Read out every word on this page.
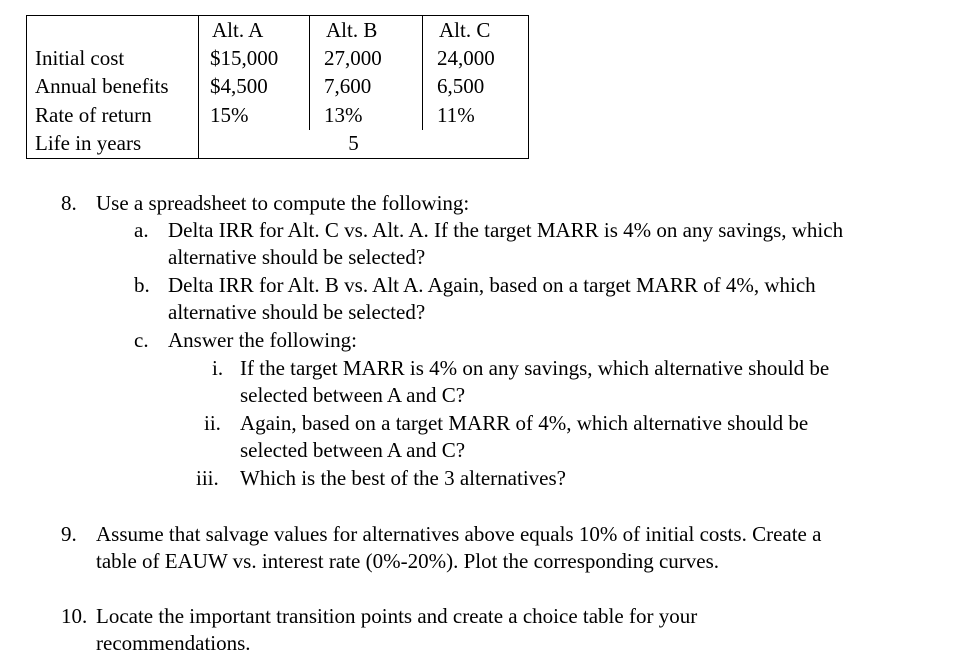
	Alt. A	Alt. B	Alt. C
Initial cost	$15,000	27,000	24,000
Annual benefits	$4,500	7,600	6,500
Rate of return	15%	13%	11%
Life in years	5		
8. Use a spreadsheet to compute the following:
a. Delta IRR for Alt. C vs. Alt. A. If the target MARR is 4% on any savings, which
alternative should be selected?
b. Delta IRR for Alt. B vs. Alt A. Again, based on a target MARR of 4%, which
alternative should be selected?
c. Answer the following:
i. If the target MARR is 4% on any savings, which alternative should be
selected between A and C?
ii. Again, based on a target MARR of 4%, which alternative should be
selected between A and C?
iii. Which is the best of the 3 alternatives?
9. Assume that salvage values for alternatives above equals 10% of initial costs. Create a
table of EAUW vs. interest rate (0%-20%). Plot the corresponding curves.
10. Locate the important transition points and create a choice table for your
recommendations.
